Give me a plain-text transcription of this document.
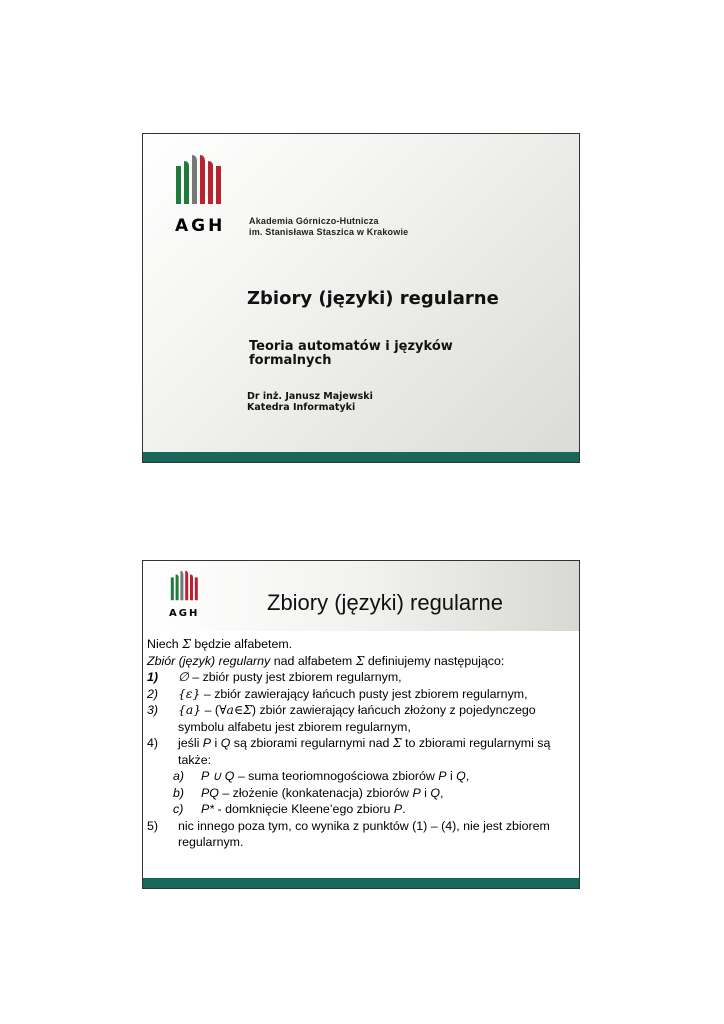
AGH	Akademia Górniczo-Hutnicza
im. Stanisława Staszica w Krakowie
Zbiory (języki) regularne
Teoria automatów i języków formalnych
Dr inż. Janusz Majewski
Katedra Informatyki
AGH	Zbiory (języki) regularne
Niech Σ będzie alfabetem.
Zbiór (język) regularny nad alfabetem Σ definiujemy następująco:
1)	∅ – zbiór pusty jest zbiorem regularnym,
2)	{ε} – zbiór zawierający łańcuch pusty jest zbiorem regularnym,
3)	{a} – (∀a∈Σ) zbiór zawierający łańcuch złożony z pojedynczego symbolu alfabetu jest zbiorem regularnym,
4)	jeśli P i Q są zbiorami regularnymi nad Σ to zbiorami regularnymi są także:
a)	P ∪ Q – suma teoriomnogościowa zbiorów P i Q,
b)	PQ – złożenie (konkatenacja) zbiorów P i Q,
c)	P* - domknięcie Kleene’ego zbioru P.
5)	nic innego poza tym, co wynika z punktów (1) – (4), nie jest zbiorem regularnym.
